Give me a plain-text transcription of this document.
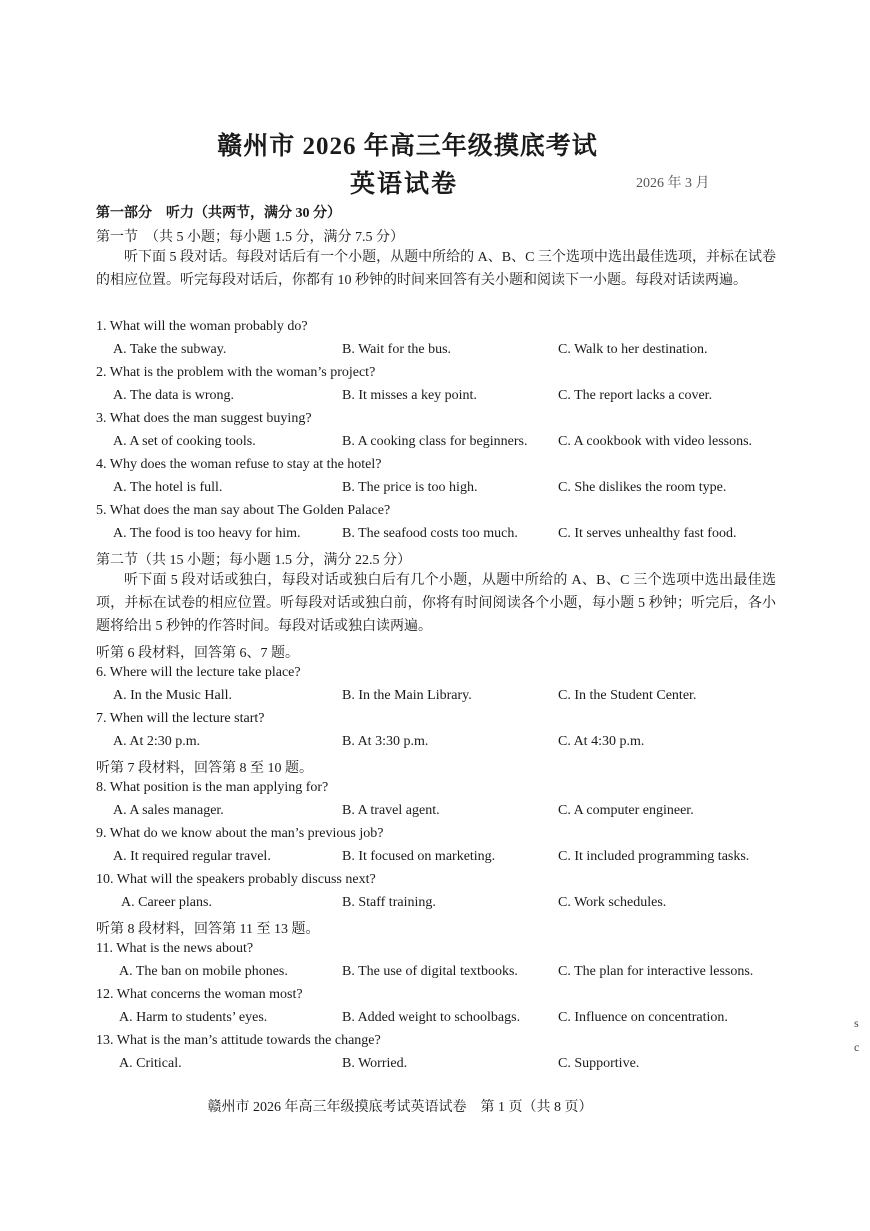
赣州市 2026 年高三年级摸底考试
英语试卷	2026 年 3 月
第一部分　听力（共两节，满分 30 分）
第一节　（共 5 小题；每小题 1.5 分，满分 7.5 分）
听下面 5 段对话。每段对话后有一个小题，从题中所给的 A、B、C 三个选项中选出最佳选项，并标在试卷的相应位置。听完每段对话后，你都有 10 秒钟的时间来回答有关小题和阅读下一小题。每段对话读两遍。
1. What will the woman probably do?
A. Take the subway.	B. Wait for the bus.	C. Walk to her destination.
2. What is the problem with the woman’s project?
A. The data is wrong.	B. It misses a key point.	C. The report lacks a cover.
3. What does the man suggest buying?
A. A set of cooking tools.	B. A cooking class for beginners. C. A cookbook with video lessons.
4. Why does the woman refuse to stay at the hotel?
A. The hotel is full.	B. The price is too high.	C. She dislikes the room type.
5. What does the man say about The Golden Palace?
A. The food is too heavy for him.	B. The seafood costs too much.	C. It serves unhealthy fast food.
第二节（共 15 小题；每小题 1.5 分，满分 22.5 分）
听下面 5 段对话或独白，每段对话或独白后有几个小题，从题中所给的 A、B、C 三个选项中选出最佳选项，并标在试卷的相应位置。听每段对话或独白前，你将有时间阅读各个小题，每小题 5 秒钟；听完后，各小题将给出 5 秒钟的作答时间。每段对话或独白读两遍。
听第 6 段材料，回答第 6、7 题。
6. Where will the lecture take place?
A. In the Music Hall.	B. In the Main Library.	C. In the Student Center.
7. When will the lecture start?
A. At 2:30 p.m.	B. At 3:30 p.m.	C. At 4:30 p.m.
听第 7 段材料，回答第 8 至 10 题。
8. What position is the man applying for?
A. A sales manager.	B. A travel agent.	C. A computer engineer.
9. What do we know about the man’s previous job?
A. It required regular travel.	B. It focused on marketing.	C. It included programming tasks.
10. What will the speakers probably discuss next?
A. Career plans.	B. Staff training.	C. Work schedules.
听第 8 段材料，回答第 11 至 13 题。
11. What is the news about?
A. The ban on mobile phones.	B. The use of digital textbooks.	C. The plan for interactive lessons.
12. What concerns the woman most?
A. Harm to students’ eyes.	B. Added weight to schoolbags.	C. Influence on concentration.
13. What is the man’s attitude towards the change?
A. Critical.	B. Worried.	C. Supportive.
赣州市 2026 年高三年级摸底考试英语试卷　第 1 页（共 8 页）
s
c
